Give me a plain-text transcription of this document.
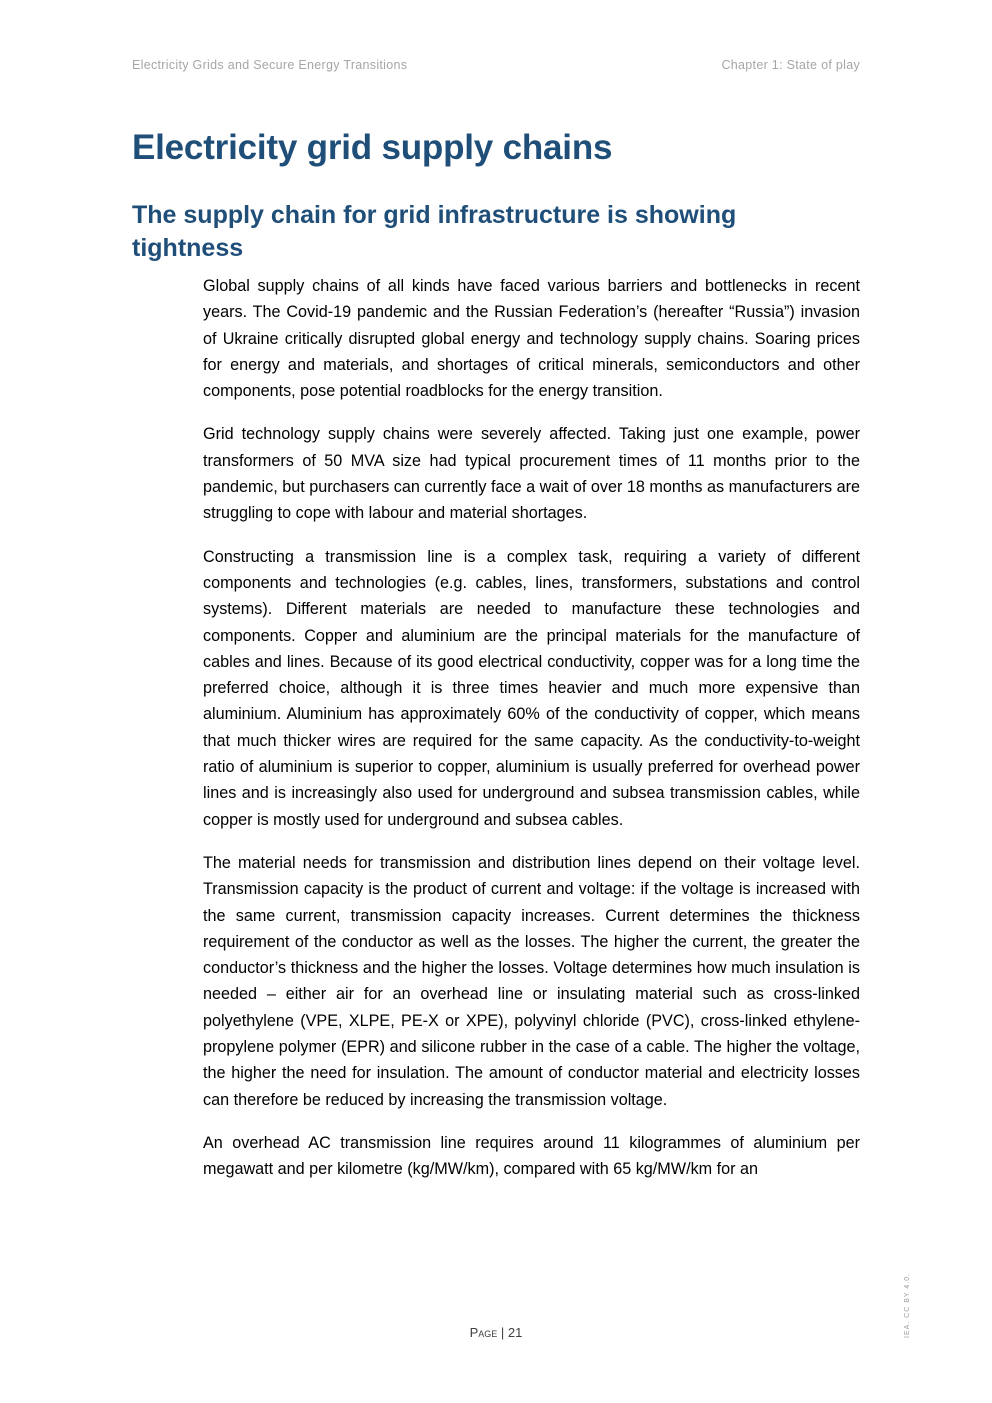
Electricity Grids and Secure Energy Transitions	Chapter 1: State of play
Electricity grid supply chains
The supply chain for grid infrastructure is showing tightness

Global supply chains of all kinds have faced various barriers and bottlenecks in recent years. The Covid-19 pandemic and the Russian Federation’s (hereafter “Russia”) invasion of Ukraine critically disrupted global energy and technology supply chains. Soaring prices for energy and materials, and shortages of critical minerals, semiconductors and other components, pose potential roadblocks for the energy transition.

Grid technology supply chains were severely affected. Taking just one example, power transformers of 50 MVA size had typical procurement times of 11 months prior to the pandemic, but purchasers can currently face a wait of over 18 months as manufacturers are struggling to cope with labour and material shortages.

Constructing a transmission line is a complex task, requiring a variety of different components and technologies (e.g. cables, lines, transformers, substations and control systems). Different materials are needed to manufacture these technologies and components. Copper and aluminium are the principal materials for the manufacture of cables and lines. Because of its good electrical conductivity, copper was for a long time the preferred choice, although it is three times heavier and much more expensive than aluminium. Aluminium has approximately 60% of the conductivity of copper, which means that much thicker wires are required for the same capacity. As the conductivity-to-weight ratio of aluminium is superior to copper, aluminium is usually preferred for overhead power lines and is increasingly also used for underground and subsea transmission cables, while copper is mostly used for underground and subsea cables.

The material needs for transmission and distribution lines depend on their voltage level. Transmission capacity is the product of current and voltage: if the voltage is increased with the same current, transmission capacity increases. Current determines the thickness requirement of the conductor as well as the losses. The higher the current, the greater the conductor’s thickness and the higher the losses. Voltage determines how much insulation is needed – either air for an overhead line or insulating material such as cross-linked polyethylene (VPE, XLPE, PE-X or XPE), polyvinyl chloride (PVC), cross-linked ethylene-propylene polymer (EPR) and silicone rubber in the case of a cable. The higher the voltage, the higher the need for insulation. The amount of conductor material and electricity losses can therefore be reduced by increasing the transmission voltage.

An overhead AC transmission line requires around 11 kilogrammes of aluminium per megawatt and per kilometre (kg/MW/km), compared with 65 kg/MW/km for an

Page | 21	IEA. CC BY 4.0.
